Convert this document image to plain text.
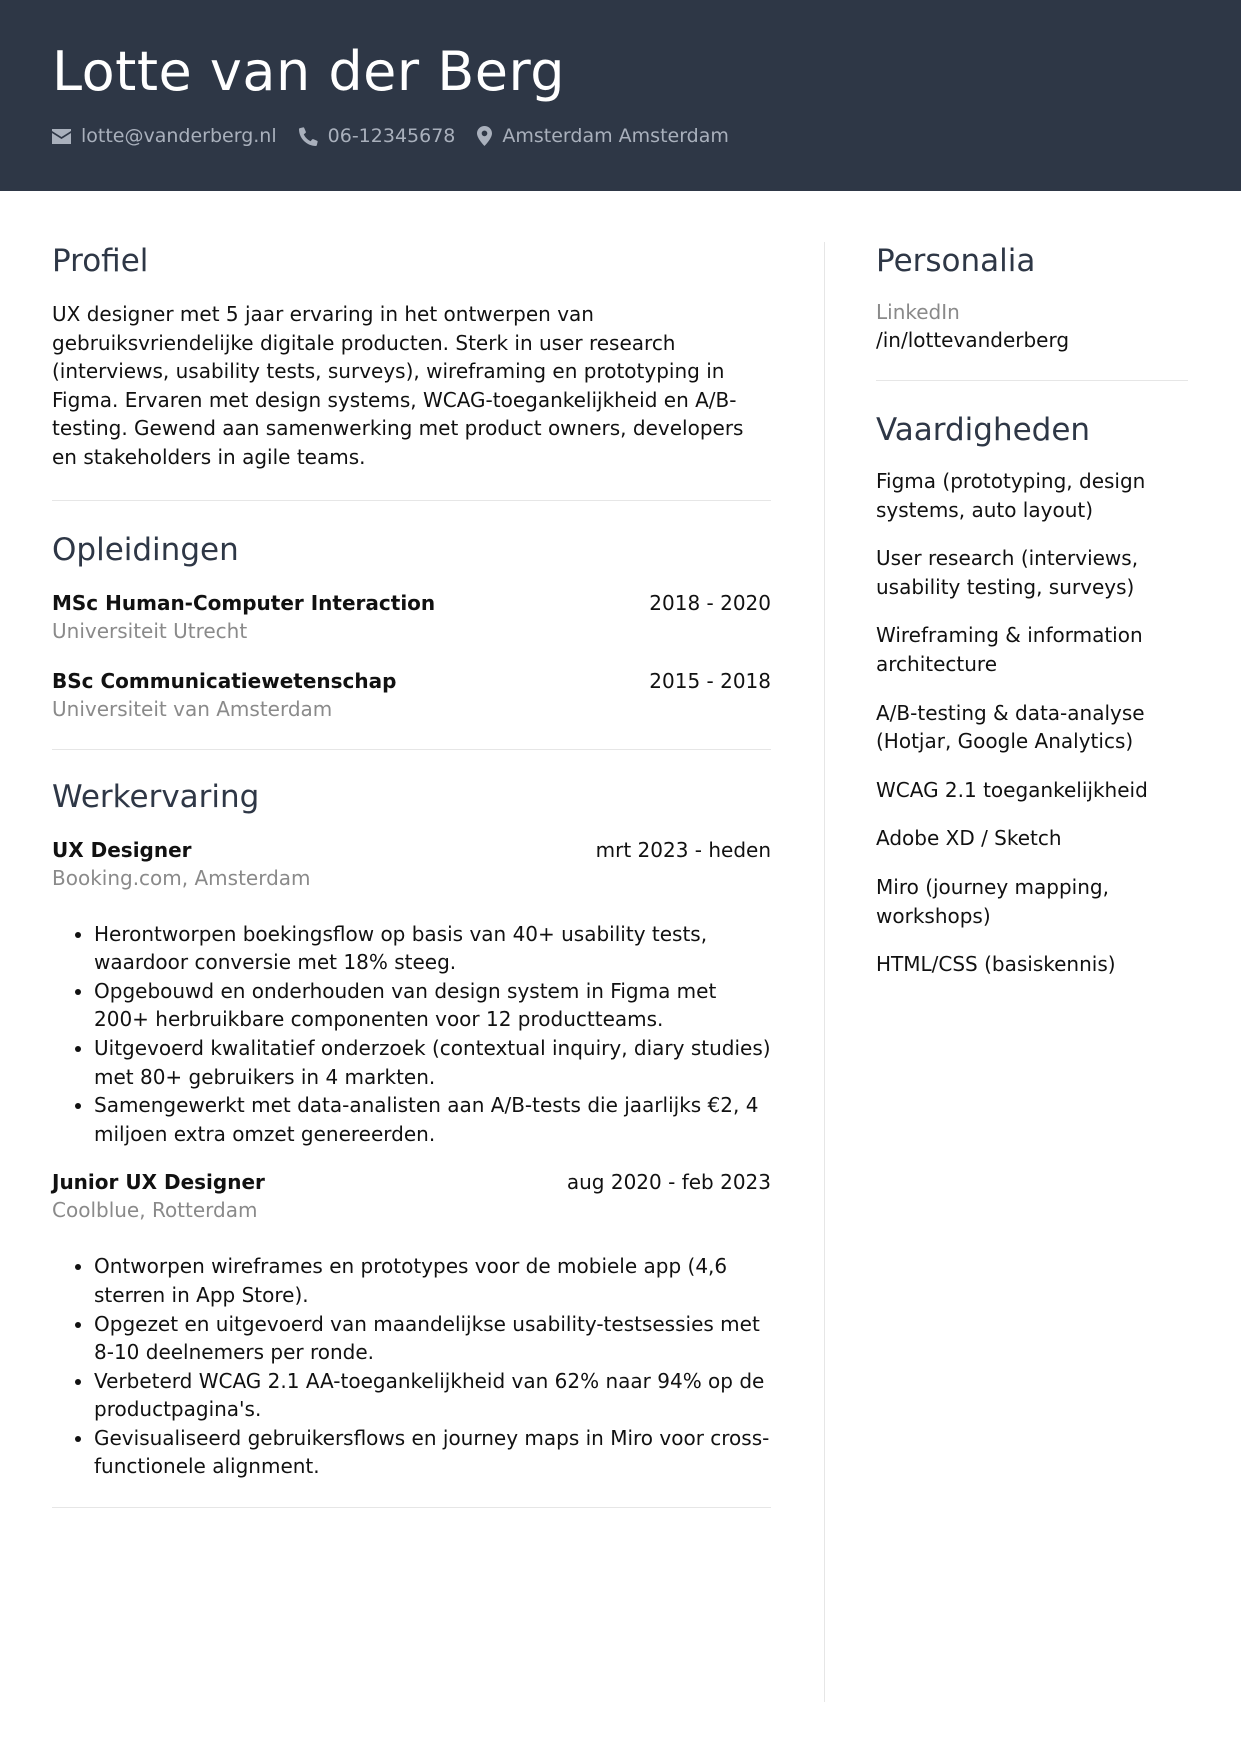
Lotte van der Berg
lotte@vanderberg.nl	06-12345678 Amsterdam Amsterdam
Profiel

UX designer met 5 jaar ervaring in het ontwerpen van gebruiksvriendelijke digitale producten. Sterk in user research (interviews, usability tests, surveys), wireframing en prototyping in Figma. Ervaren met design systems, WCAG-toegankelijkheid en A/B-testing. Gewend aan samenwerking met product owners, developers en stakeholders in agile teams.

Opleidingen
MSc Human-Computer Interaction	2018 - 2020
Universiteit Utrecht
BSc Communicatiewetenschap	2015 - 2018
Universiteit van Amsterdam
Werkervaring
UX Designer	mrt 2023 - heden
Booking.com, Amsterdam
• Herontworpen boekingsflow op basis van 40+ usability tests, waardoor conversie met 18% steeg.
• Opgebouwd en onderhouden van design system in Figma met 200+ herbruikbare componenten voor 12 productteams.
• Uitgevoerd kwalitatief onderzoek (contextual inquiry, diary studies) met 80+ gebruikers in 4 markten.
• Samengewerkt met data-analisten aan A/B-tests die jaarlijks €2, 4 miljoen extra omzet genereerden.
Junior UX Designer	aug 2020 - feb 2023
Coolblue, Rotterdam
• Ontworpen wireframes en prototypes voor de mobiele app (4,6 sterren in App Store).
• Opgezet en uitgevoerd van maandelijkse usability-testsessies met 8-10 deelnemers per ronde.
• Verbeterd WCAG 2.1 AA-toegankelijkheid van 62% naar 94% op de productpagina's.
• Gevisualiseerd gebruikersflows en journey maps in Miro voor cross-functionele alignment.
Personalia
LinkedIn
/in/lottevanderberg
Vaardigheden
Figma (prototyping, design systems, auto layout)
User research (interviews, usability testing, surveys)
Wireframing & information architecture
A/B-testing & data-analyse (Hotjar, Google Analytics)
WCAG 2.1 toegankelijkheid
Adobe XD / Sketch
Miro (journey mapping, workshops)
HTML/CSS (basiskennis)
